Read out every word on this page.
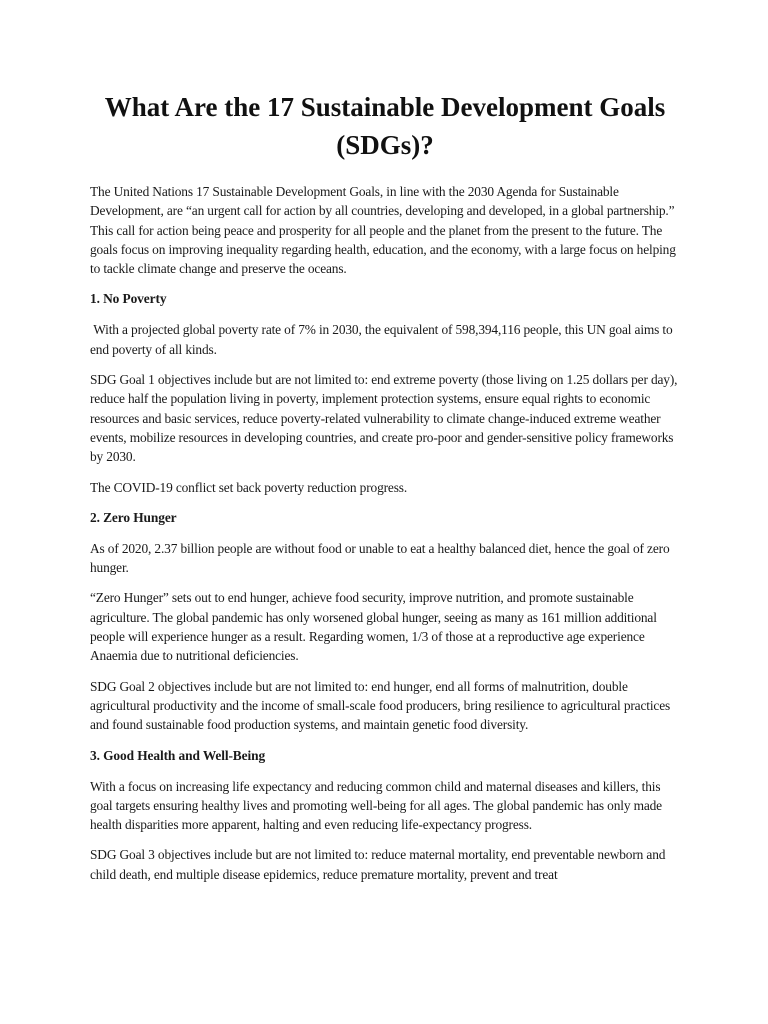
What Are the 17 Sustainable Development Goals (SDGs)?

The United Nations 17 Sustainable Development Goals, in line with the 2030 Agenda for Sustainable Development, are “an urgent call for action by all countries, developing and developed, in a global partnership.” This call for action being peace and prosperity for all people and the planet from the present to the future. The goals focus on improving inequality regarding health, education, and the economy, with a large focus on helping to tackle climate change and preserve the oceans.

1. No Poverty

With a projected global poverty rate of 7% in 2030, the equivalent of 598,394,116 people, this UN goal aims to end poverty of all kinds.

SDG Goal 1 objectives include but are not limited to: end extreme poverty (those living on 1.25 dollars per day), reduce half the population living in poverty, implement protection systems, ensure equal rights to economic resources and basic services, reduce poverty-related vulnerability to climate change-induced extreme weather events, mobilize resources in developing countries, and create pro-poor and gender-sensitive policy frameworks by 2030.

The COVID-19 conflict set back poverty reduction progress.

2. Zero Hunger

As of 2020, 2.37 billion people are without food or unable to eat a healthy balanced diet, hence the goal of zero hunger.

“Zero Hunger” sets out to end hunger, achieve food security, improve nutrition, and promote sustainable agriculture. The global pandemic has only worsened global hunger, seeing as many as 161 million additional people will experience hunger as a result. Regarding women, 1/3 of those at a reproductive age experience Anaemia due to nutritional deficiencies.

SDG Goal 2 objectives include but are not limited to: end hunger, end all forms of malnutrition, double agricultural productivity and the income of small-scale food producers, bring resilience to agricultural practices and found sustainable food production systems, and maintain genetic food diversity.

3. Good Health and Well-Being

With a focus on increasing life expectancy and reducing common child and maternal diseases and killers, this goal targets ensuring healthy lives and promoting well-being for all ages. The global pandemic has only made health disparities more apparent, halting and even reducing life-expectancy progress.

SDG Goal 3 objectives include but are not limited to: reduce maternal mortality, end preventable newborn and child death, end multiple disease epidemics, reduce premature mortality, prevent and treat
